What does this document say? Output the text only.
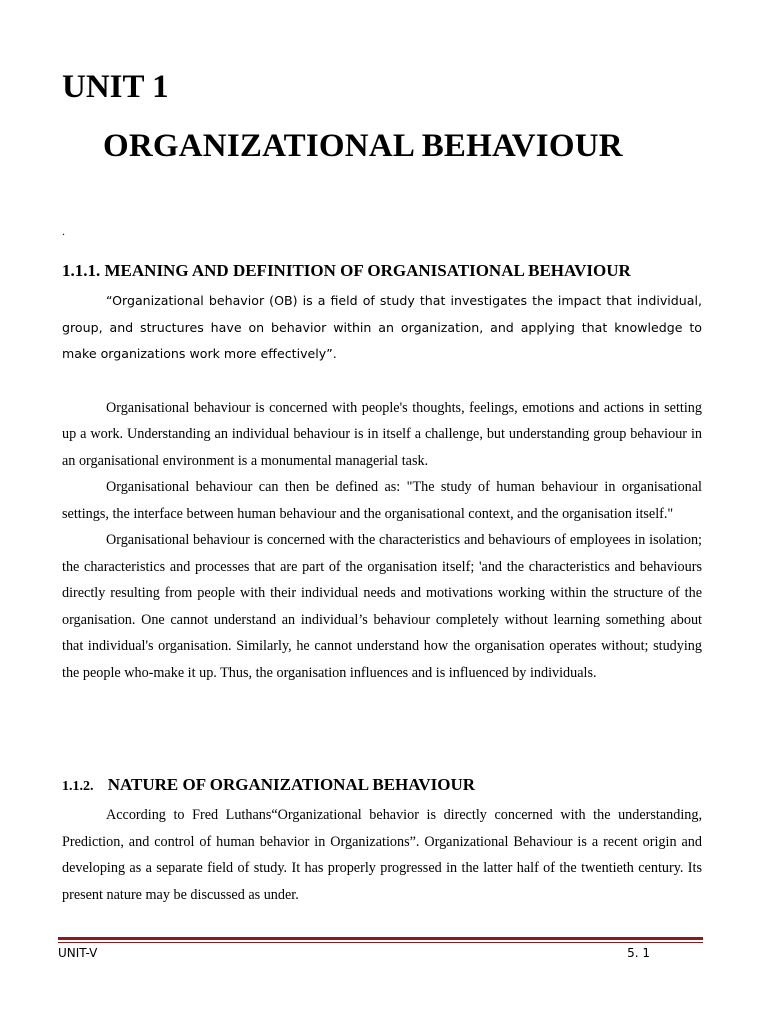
UNIT 1
ORGANIZATIONAL BEHAVIOUR
.
1.1.1. MEANING AND DEFINITION OF ORGANISATIONAL BEHAVIOUR

“Organizational behavior (OB) is a field of study that investigates the impact that individual, group, and structures have on behavior within an organization, and applying that knowledge to make organizations work more effectively”.

Organisational behaviour is concerned with people's thoughts, feelings, emotions and actions in setting up a work. Understanding an individual behaviour is in itself a challenge, but understanding group behaviour in an organisational environment is a monumental managerial task.

Organisational behaviour can then be defined as: "The study of human behaviour in organisational settings, the interface between human behaviour and the organisational context, and the organisation itself."

Organisational behaviour is concerned with the characteristics and behaviours of employees in isolation; the characteristics and processes that are part of the organisation itself; 'and the characteristics and behaviours directly resulting from people with their individual needs and motivations working within the structure of the organisation. One cannot understand an individual’s behaviour completely without learning something about that individual's organisation. Similarly, he cannot understand how the organisation operates without; studying the people who-make it up. Thus, the organisation influences and is influenced by individuals.

1.1.2. NATURE OF ORGANIZATIONAL BEHAVIOUR

According to Fred Luthans“Organizational behavior is directly concerned with the understanding, Prediction, and control of human behavior in Organizations”. Organizational Behaviour is a recent origin and developing as a separate field of study. It has properly progressed in the latter half of the twentieth century. Its present nature may be discussed as under.

UNIT-V	5. 1
